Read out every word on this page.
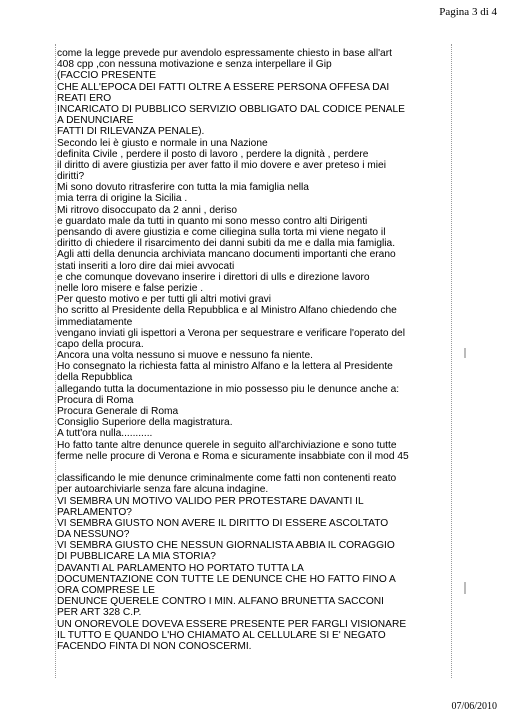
Pagina 3 di 4
come la legge prevede pur avendolo espressamente chiesto in base all'art
408 cpp ,con nessuna motivazione e senza interpellare il Gip
(FACCIO PRESENTE
CHE ALL'EPOCA DEI FATTI OLTRE A ESSERE PERSONA OFFESA DAI
REATI ERO
INCARICATO DI PUBBLICO SERVIZIO OBBLIGATO DAL CODICE PENALE
A DENUNCIARE
FATTI DI RILEVANZA PENALE).
Secondo lei è giusto e normale in una Nazione
definita Civile , perdere il posto di lavoro , perdere la dignità , perdere
il diritto di avere giustizia per aver fatto il mio dovere e aver preteso i miei
diritti?
Mi sono dovuto ritrasferire con tutta la mia famiglia nella
mia terra di origine la Sicilia .
Mi ritrovo disoccupato da 2 anni , deriso
e guardato male da tutti in quanto mi sono messo contro alti Dirigenti
pensando di avere giustizia e come ciliegina sulla torta mi viene negato il
diritto di chiedere il risarcimento dei danni subiti da me e dalla mia famiglia.
Agli atti della denuncia archiviata mancano documenti importanti che erano
stati inseriti a loro dire dai miei avvocati
e che comunque dovevano inserire i direttori di ulls e direzione lavoro
nelle loro misere e false perizie .
Per questo motivo e per tutti gli altri motivi gravi
ho scritto al Presidente della Repubblica e al Ministro Alfano chiedendo che
immediatamente
vengano inviati gli ispettori a Verona per sequestrare e verificare l'operato del
capo della procura.
Ancora una volta nessuno si muove e nessuno fa niente.
Ho consegnato la richiesta fatta al ministro Alfano e la lettera al Presidente
della Repubblica
allegando tutta la documentazione in mio possesso piu le denunce anche a:
Procura di Roma
Procura Generale di Roma
Consiglio Superiore della magistratura.
A tutt'ora nulla...........
Ho fatto tante altre denunce querele in seguito all'archiviazione e sono tutte
ferme nelle procure di Verona e Roma e sicuramente insabbiate con il mod 45
classificando le mie denunce criminalmente come fatti non contenenti reato
per autoarchiviarle senza fare alcuna indagine.
VI SEMBRA UN MOTIVO VALIDO PER PROTESTARE DAVANTI IL
PARLAMENTO?
VI SEMBRA GIUSTO NON AVERE IL DIRITTO DI ESSERE ASCOLTATO
DA NESSUNO?
VI SEMBRA GIUSTO CHE NESSUN GIORNALISTA ABBIA IL CORAGGIO
DI PUBBLICARE LA MIA STORIA?
DAVANTI AL PARLAMENTO HO PORTATO TUTTA LA
DOCUMENTAZIONE CON TUTTE LE DENUNCE CHE HO FATTO FINO A
ORA COMPRESE LE
DENUNCE QUERELE CONTRO I MIN. ALFANO BRUNETTA SACCONI
PER ART 328 C.P.
UN ONOREVOLE DOVEVA ESSERE PRESENTE PER FARGLI VISIONARE
IL TUTTO E QUANDO L'HO CHIAMATO AL CELLULARE SI E' NEGATO
FACENDO FINTA DI NON CONOSCERMI.
07/06/2010
